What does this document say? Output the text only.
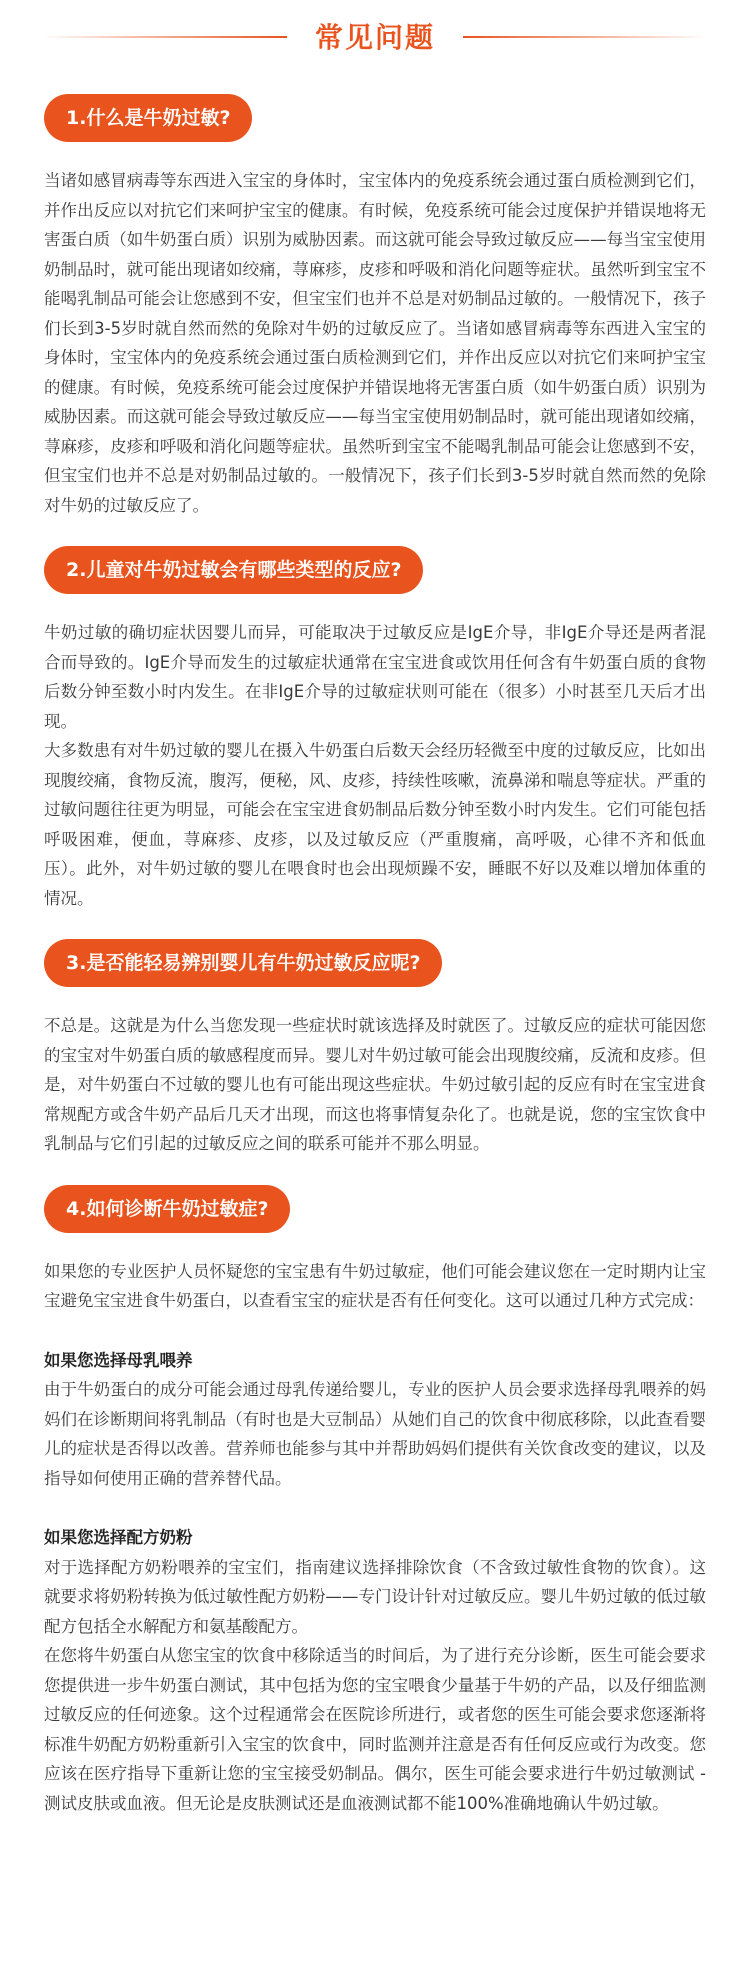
常见问题
1.什么是牛奶过敏?

当诸如感冒病毒等东西进入宝宝的身体时，宝宝体内的免疫系统会通过蛋白质检测到它们，并作出反应以对抗它们来呵护宝宝的健康。有时候，免疫系统可能会过度保护并错误地将无害蛋白质（如牛奶蛋白质）识别为威胁因素。而这就可能会导致过敏反应——每当宝宝使用奶制品时，就可能出现诸如绞痛，荨麻疹，皮疹和呼吸和消化问题等症状。虽然听到宝宝不能喝乳制品可能会让您感到不安，但宝宝们也并不总是对奶制品过敏的。一般情况下，孩子们长到3-5岁时就自然而然的免除对牛奶的过敏反应了。当诸如感冒病毒等东西进入宝宝的身体时，宝宝体内的免疫系统会通过蛋白质检测到它们，并作出反应以对抗它们来呵护宝宝的健康。有时候，免疫系统可能会过度保护并错误地将无害蛋白质（如牛奶蛋白质）识别为威胁因素。而这就可能会导致过敏反应——每当宝宝使用奶制品时，就可能出现诸如绞痛，荨麻疹，皮疹和呼吸和消化问题等症状。虽然听到宝宝不能喝乳制品可能会让您感到不安，但宝宝们也并不总是对奶制品过敏的。一般情况下，孩子们长到3-5岁时就自然而然的免除对牛奶的过敏反应了。

2.儿童对牛奶过敏会有哪些类型的反应?

牛奶过敏的确切症状因婴儿而异，可能取决于过敏反应是IgE介导，非IgE介导还是两者混合而导致的。IgE介导而发生的过敏症状通常在宝宝进食或饮用任何含有牛奶蛋白质的食物后数分钟至数小时内发生。在非IgE介导的过敏症状则可能在（很多）小时甚至几天后才出现。

大多数患有对牛奶过敏的婴儿在摄入牛奶蛋白后数天会经历轻微至中度的过敏反应，比如出现腹绞痛，食物反流，腹泻，便秘，风、皮疹，持续性咳嗽，流鼻涕和喘息等症状。严重的过敏问题往往更为明显，可能会在宝宝进食奶制品后数分钟至数小时内发生。它们可能包括呼吸困难，便血，荨麻疹、皮疹，以及过敏反应（严重腹痛，高呼吸，心律不齐和低血压）。此外，对牛奶过敏的婴儿在喂食时也会出现烦躁不安，睡眠不好以及难以增加体重的情况。

3.是否能轻易辨别婴儿有牛奶过敏反应呢?

不总是。这就是为什么当您发现一些症状时就该选择及时就医了。过敏反应的症状可能因您的宝宝对牛奶蛋白质的敏感程度而异。婴儿对牛奶过敏可能会出现腹绞痛，反流和皮疹。但是，对牛奶蛋白不过敏的婴儿也有可能出现这些症状。牛奶过敏引起的反应有时在宝宝进食常规配方或含牛奶产品后几天才出现，而这也将事情复杂化了。也就是说，您的宝宝饮食中乳制品与它们引起的过敏反应之间的联系可能并不那么明显。

4.如何诊断牛奶过敏症?

如果您的专业医护人员怀疑您的宝宝患有牛奶过敏症，他们可能会建议您在一定时期内让宝宝避免宝宝进食牛奶蛋白，以查看宝宝的症状是否有任何变化。这可以通过几种方式完成：

如果您选择母乳喂养

由于牛奶蛋白的成分可能会通过母乳传递给婴儿，专业的医护人员会要求选择母乳喂养的妈妈们在诊断期间将乳制品（有时也是大豆制品）从她们自己的饮食中彻底移除，以此查看婴儿的症状是否得以改善。营养师也能参与其中并帮助妈妈们提供有关饮食改变的建议，以及指导如何使用正确的营养替代品。

如果您选择配方奶粉

对于选择配方奶粉喂养的宝宝们，指南建议选择排除饮食（不含致过敏性食物的饮食）。这就要求将奶粉转换为低过敏性配方奶粉——专门设计针对过敏反应。婴儿牛奶过敏的低过敏配方包括全水解配方和氨基酸配方。

在您将牛奶蛋白从您宝宝的饮食中移除适当的时间后，为了进行充分诊断，医生可能会要求您提供进一步牛奶蛋白测试，其中包括为您的宝宝喂食少量基于牛奶的产品，以及仔细监测过敏反应的任何迹象。这个过程通常会在医院诊所进行，或者您的医生可能会要求您逐渐将标准牛奶配方奶粉重新引入宝宝的饮食中，同时监测并注意是否有任何反应或行为改变。您应该在医疗指导下重新让您的宝宝接受奶制品。偶尔，医生可能会要求进行牛奶过敏测试 - 测试皮肤或血液。但无论是皮肤测试还是血液测试都不能100%准确地确认牛奶过敏。
